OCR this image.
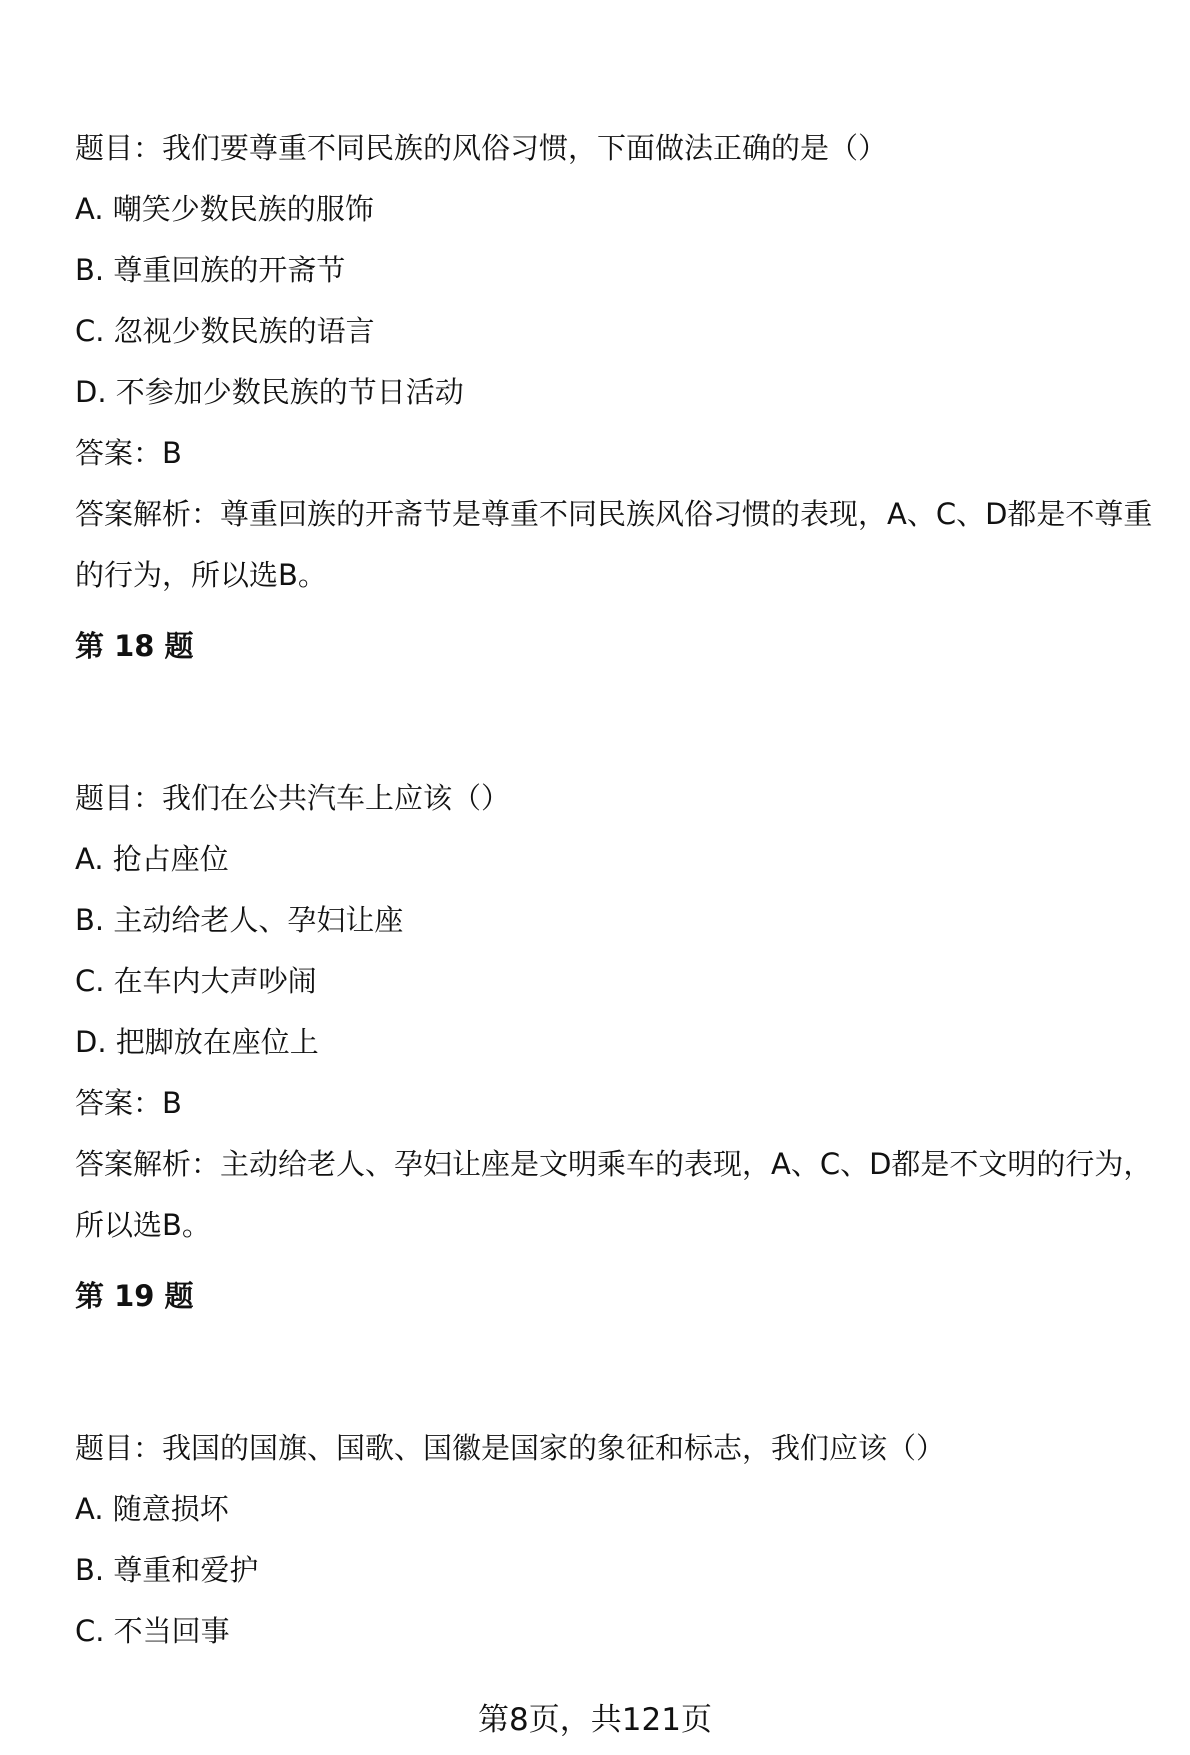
题目：我们要尊重不同民族的风俗习惯，下面做法正确的是（）
A. 嘲笑少数民族的服饰
B. 尊重回族的开斋节
C. 忽视少数民族的语言
D. 不参加少数民族的节日活动
答案：B
答案解析：尊重回族的开斋节是尊重不同民族风俗习惯的表现，A、C、D都是不尊重的行为，所以选B。
第 18 题
题目：我们在公共汽车上应该（）
A. 抢占座位
B. 主动给老人、孕妇让座
C. 在车内大声吵闹
D. 把脚放在座位上
答案：B
答案解析：主动给老人、孕妇让座是文明乘车的表现，A、C、D都是不文明的行为，所以选B。
第 19 题
题目：我国的国旗、国歌、国徽是国家的象征和标志，我们应该（）
A. 随意损坏
B. 尊重和爱护
C. 不当回事
第8页，共121页
